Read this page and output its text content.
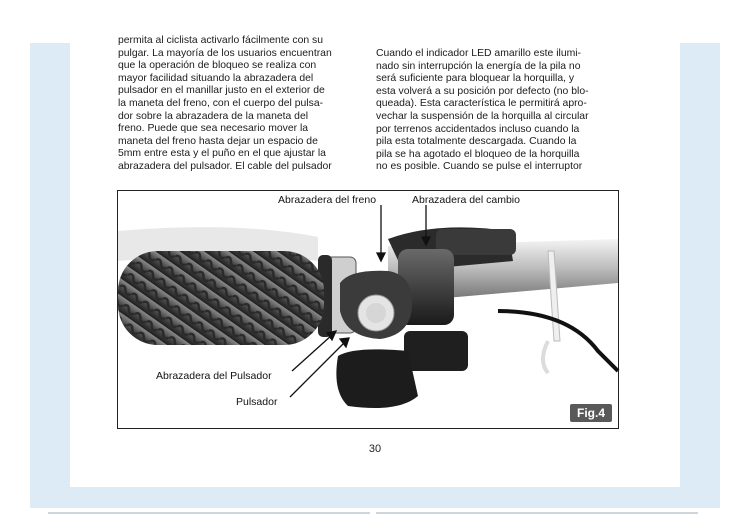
permita al ciclista activarlo fácilmente con su
pulgar. La mayoría de los usuarios encuentran
que la operación de bloqueo se realiza con
mayor facilidad situando la abrazadera del
pulsador en el manillar justo en el exterior de
la maneta del freno, con el cuerpo del pulsa-
dor sobre la abrazadera de la maneta del
freno. Puede que sea necesario mover la
maneta del freno hasta dejar un espacio de
5mm entre esta y el puño en el que ajustar la
abrazadera del pulsador. El cable del pulsador

Cuando el indicador LED amarillo este ilumi-
nado sin interrupción la energía de la pila no
será suficiente para bloquear la horquilla, y
esta volverá a su posición por defecto (no blo-
queada). Esta característica le permitirá apro-
vechar la suspensión de la horquilla al circular
por terrenos accidentados incluso cuando la
pila esta totalmente descargada. Cuando la
pila se ha agotado el bloqueo de la horquilla
no es posible. Cuando se pulse el interruptor

Abrazadera del freno	Abrazadera del cambio
Abrazadera del Pulsador
Pulsador
Fig.4
30
